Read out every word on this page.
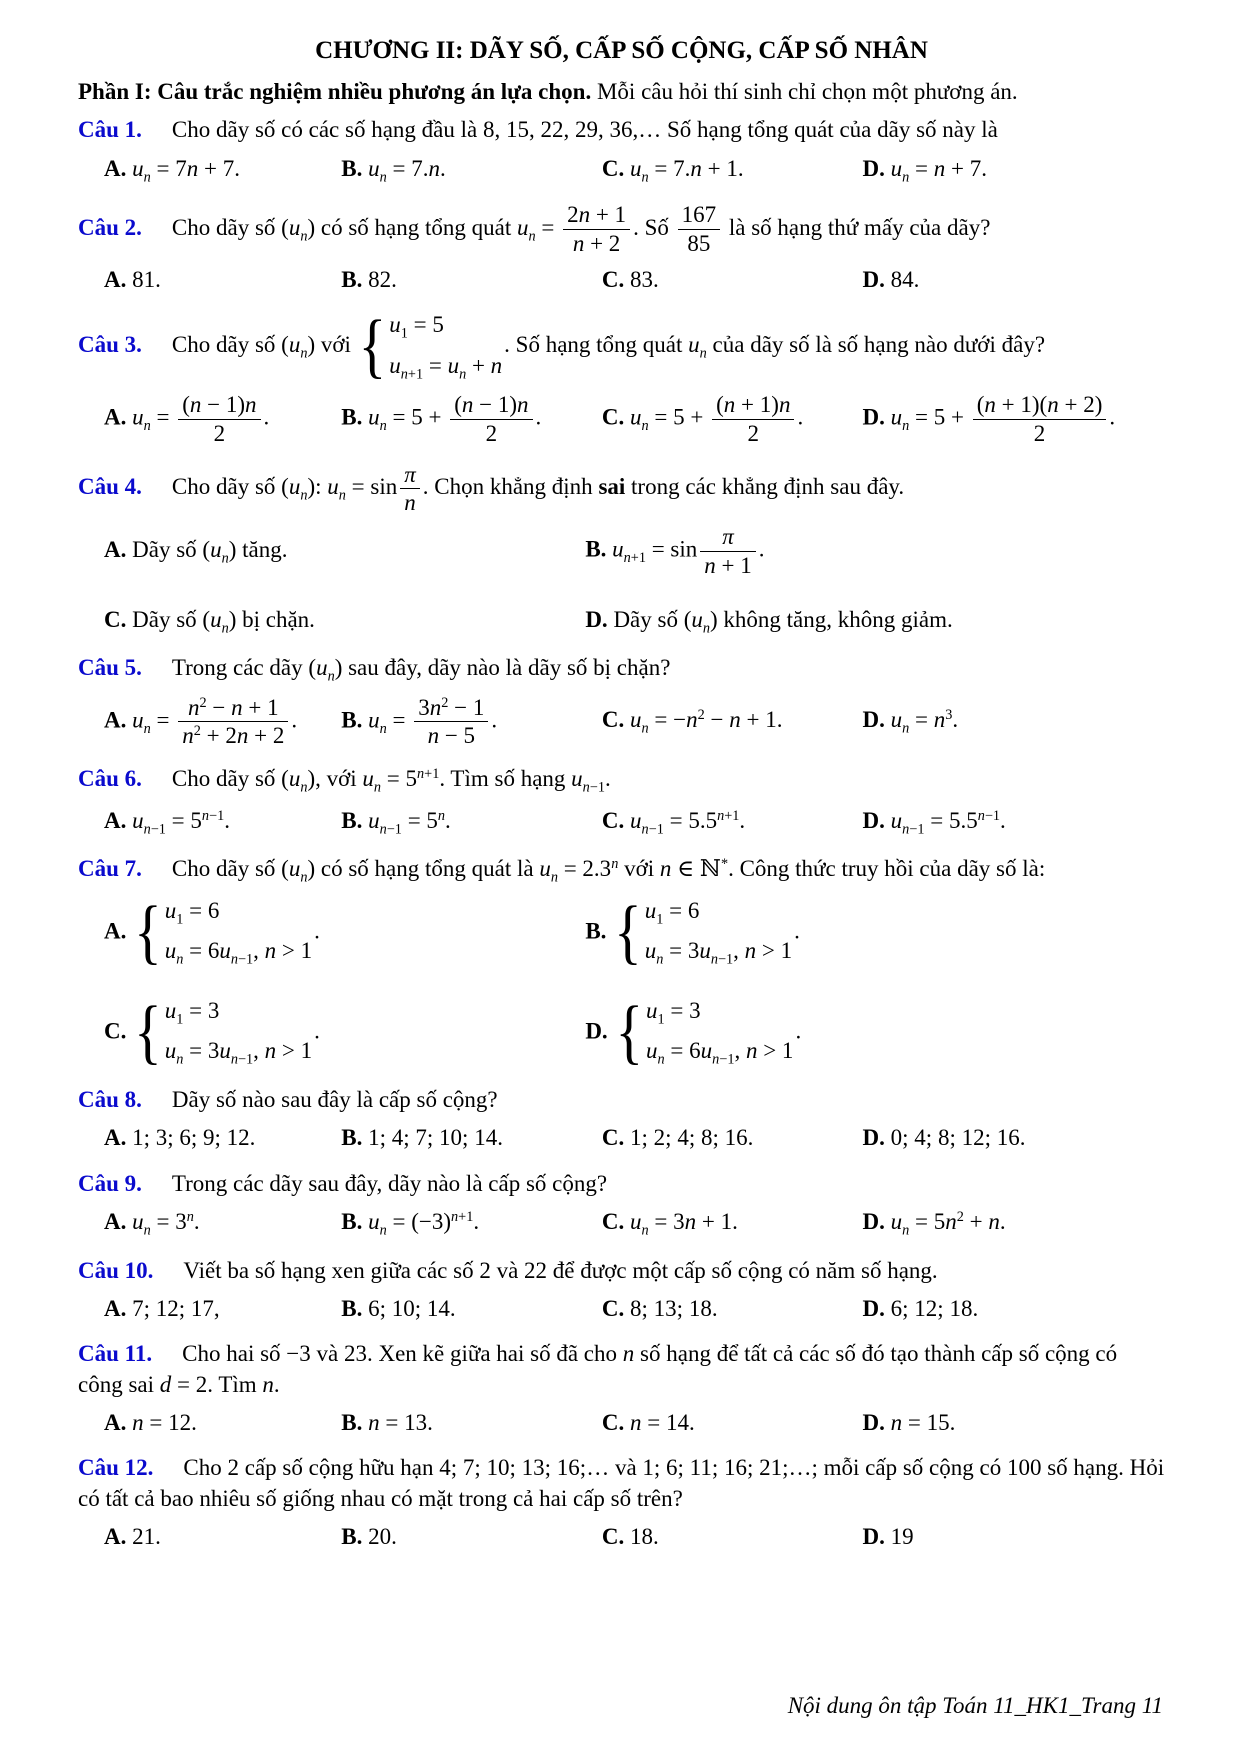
CHƯƠNG II: DÃY SỐ, CẤP SỐ CỘNG, CẤP SỐ NHÂN

Phần I: Câu trắc nghiệm nhiều phương án lựa chọn. Mỗi câu hỏi thí sinh chỉ chọn một phương án.

Câu 1. Cho dãy số có các số hạng đầu là 8, 15, 22, 29, 36,… Số hạng tổng quát của dãy số này là

A. $u_n = 7n + 7$.	B. $u_n = 7.n$.	C. $u_n = 7.n + 1$.	D. $u_n = n + 7$.

Câu 2. Cho dãy số $(u_n)$ có số hạng tổng quát $u_n = \frac{2n + 1}{n + 2}$ . Số $\frac{167}{85}$ là số hạng thứ mấy của dãy?

A. 81.	B. 82.	C. 83.	D. 84.

Câu 3. Cho dãy số $(u_n)$ với
{ $u_1 = 5$
$u_{n+1} = u_n + n$
. Số hạng tổng quát $u_n$ của dãy số là số hạng nào dưới đây?

A. $u_n = \frac{(n - 1)n}{2}$ .	B. $u_n = 5 + \frac{(n - 1)n}{2}$ .	C. $u_n = 5 + \frac{(n + 1)n}{2}$ .	D. $u_n = 5 + \frac{(n + 1)(n + 2)}{2}$ .

Câu 4. Cho dãy số $(u_n)$: $u_n = \sin \frac{\pi}{n}$ . Chọn khẳng định sai trong các khẳng định sau đây.

A. Dãy số $(u_n)$ tăng.	B. $u_{n+1} = \sin \frac{\pi}{n + 1}$ .
C. Dãy số $(u_n)$ bị chặn.	D. Dãy số $(u_n)$ không tăng, không giảm.

Câu 5. Trong các dãy $(u_n)$ sau đây, dãy nào là dãy số bị chặn?

A. $u_n = \frac{n^2 - n + 1}{n^2 + 2n + 2}$ .	B. $u_n = \frac{3n^2 - 1}{n - 5}$ .	C. $u_n = -n^2 - n + 1$.	D. $u_n = n^3$.

Câu 6. Cho dãy số $(u_n)$, với $u_n = 5^{n+1}$. Tìm số hạng $u_{n-1}$.

A. $u_{n-1} = 5^{n-1}$.	B. $u_{n-1} = 5^n$.	C. $u_{n-1} = 5.5^{n+1}$.	D. $u_{n-1} = 5.5^{n-1}$.

Câu 7. Cho dãy số $(u_n)$ có số hạng tổng quát là $u_n = 2.3^n$ với n ∈ ℕ*. Công thức truy hồi của dãy số là:

A.
{ $u_1 = 6$
$u_n = 6u_{n-1}$, n > 1
.	B.
{ $u_1 = 6$
$u_n = 3u_{n-1}$, n > 1
.
C.
{ $u_1 = 3$
$u_n = 3u_{n-1}$, n > 1
.	D.
{ $u_1 = 3$
$u_n = 6u_{n-1}$, n > 1
.

Câu 8. Dãy số nào sau đây là cấp số cộng?

A. 1; 3; 6; 9; 12.	B. 1; 4; 7; 10; 14.	C. 1; 2; 4; 8; 16.	D. 0; 4; 8; 12; 16.

Câu 9. Trong các dãy sau đây, dãy nào là cấp số cộng?

A. $u_n = 3^n$.	B. $u_n = (-3)^{n+1}$.	C. $u_n = 3n + 1$.	D. $u_n = 5n^2 + n$.

Câu 10. Viết ba số hạng xen giữa các số 2 và 22 để được một cấp số cộng có năm số hạng.

A. 7; 12; 17,	B. 6; 10; 14.	C. 8; 13; 18.	D. 6; 12; 18.

Câu 11. Cho hai số −3 và 23. Xen kẽ giữa hai số đã cho n số hạng để tất cả các số đó tạo thành cấp số cộng có công sai d = 2. Tìm n.

A. n = 12.	B. n = 13.	C. n = 14.	D. n = 15.

Câu 12. Cho 2 cấp số cộng hữu hạn 4; 7; 10; 13; 16;… và 1; 6; 11; 16; 21;…; mỗi cấp số cộng có 100 số hạng. Hỏi có tất cả bao nhiêu số giống nhau có mặt trong cả hai cấp số trên?

A. 21.	B. 20.	C. 18.	D. 19
Nội dung ôn tập Toán 11_HK1_Trang 11
